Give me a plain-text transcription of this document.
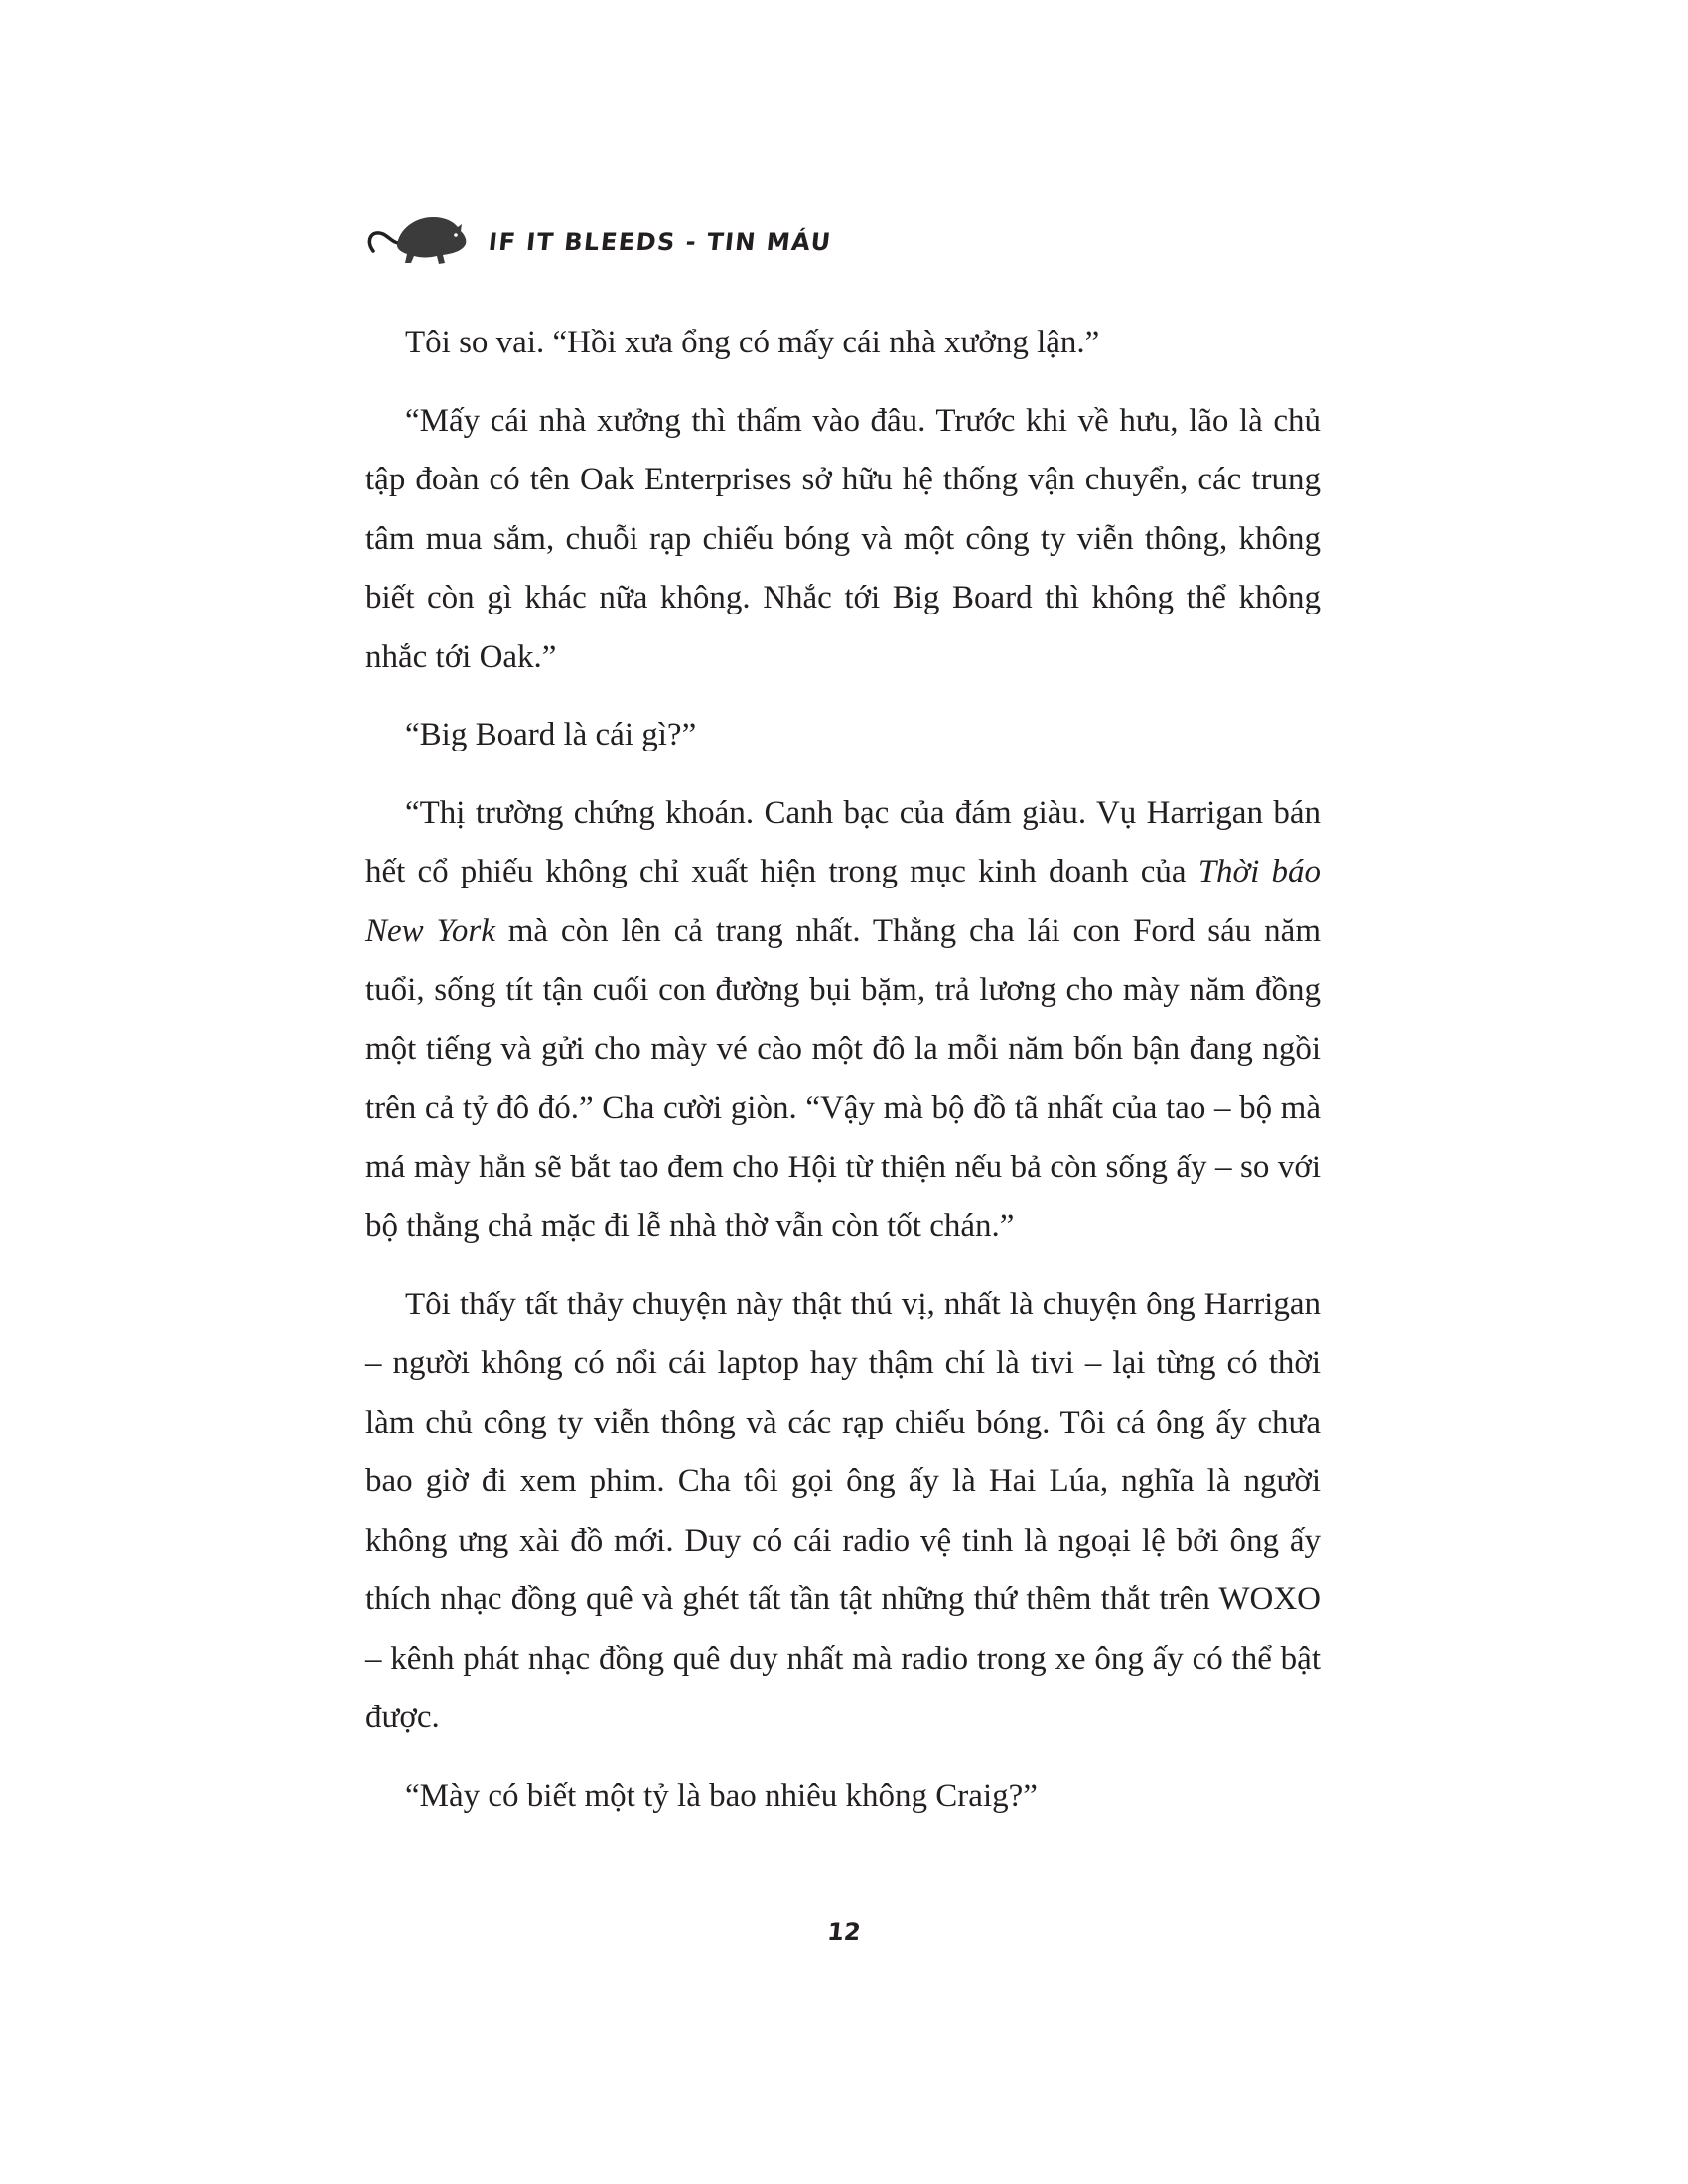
IF IT BLEEDS - TIN MÁU

Tôi so vai. “Hồi xưa ổng có mấy cái nhà xưởng lận.”

“Mấy cái nhà xưởng thì thấm vào đâu. Trước khi về hưu, lão là chủ tập đoàn có tên Oak Enterprises sở hữu hệ thống vận chuyển, các trung tâm mua sắm, chuỗi rạp chiếu bóng và một công ty viễn thông, không biết còn gì khác nữa không. Nhắc tới Big Board thì không thể không nhắc tới Oak.”

“Big Board là cái gì?”

“Thị trường chứng khoán. Canh bạc của đám giàu. Vụ Harrigan bán hết cổ phiếu không chỉ xuất hiện trong mục kinh doanh của Thời báo New York mà còn lên cả trang nhất. Thằng cha lái con Ford sáu năm tuổi, sống tít tận cuối con đường bụi bặm, trả lương cho mày năm đồng một tiếng và gửi cho mày vé cào một đô la mỗi năm bốn bận đang ngồi trên cả tỷ đô đó.” Cha cười giòn. “Vậy mà bộ đồ tã nhất của tao – bộ mà má mày hẳn sẽ bắt tao đem cho Hội từ thiện nếu bả còn sống ấy – so với bộ thằng chả mặc đi lễ nhà thờ vẫn còn tốt chán.”

Tôi thấy tất thảy chuyện này thật thú vị, nhất là chuyện ông Harrigan – người không có nổi cái laptop hay thậm chí là tivi – lại từng có thời làm chủ công ty viễn thông và các rạp chiếu bóng. Tôi cá ông ấy chưa bao giờ đi xem phim. Cha tôi gọi ông ấy là Hai Lúa, nghĩa là người không ưng xài đồ mới. Duy có cái radio vệ tinh là ngoại lệ bởi ông ấy thích nhạc đồng quê và ghét tất tần tật những thứ thêm thắt trên WOXO – kênh phát nhạc đồng quê duy nhất mà radio trong xe ông ấy có thể bật được.

“Mày có biết một tỷ là bao nhiêu không Craig?”

12
